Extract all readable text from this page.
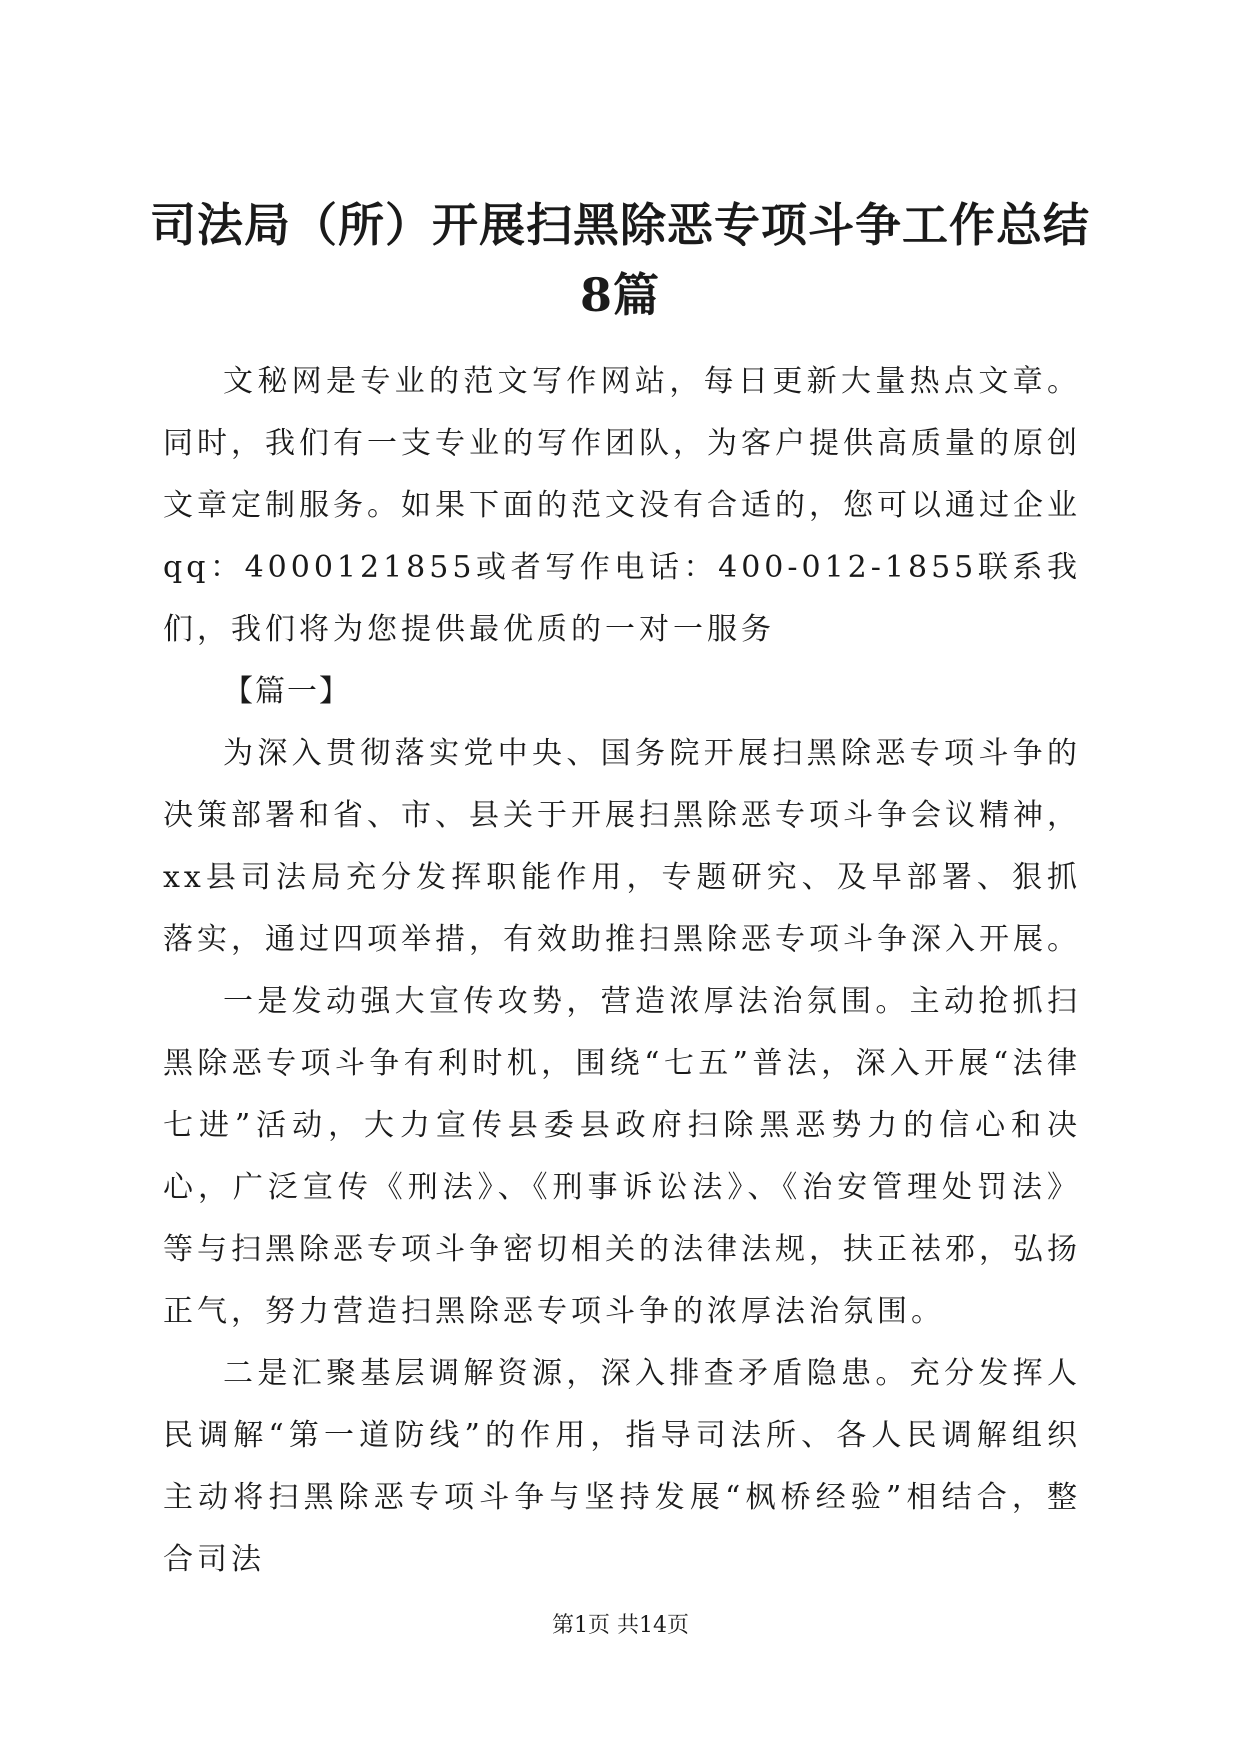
司法局（所）开展扫黑除恶专项斗争工作总结8篇

文秘网是专业的范文写作网站，每日更新大量热点文章。同时，我们有一支专业的写作团队，为客户提供高质量的原创文章定制服务。如果下面的范文没有合适的，您可以通过企业qq：4000121855或者写作电话：400-012-1855联系我们，我们将为您提供最优质的一对一服务

【篇一】

为深入贯彻落实党中央、国务院开展扫黑除恶专项斗争的决策部署和省、市、县关于开展扫黑除恶专项斗争会议精神，xx县司法局充分发挥职能作用，专题研究、及早部署、狠抓落实，通过四项举措，有效助推扫黑除恶专项斗争深入开展。

一是发动强大宣传攻势，营造浓厚法治氛围。主动抢抓扫黑除恶专项斗争有利时机，围绕“七五”普法，深入开展“法律七进”活动，大力宣传县委县政府扫除黑恶势力的信心和决心，广泛宣传《刑法》、《刑事诉讼法》、《治安管理处罚法》等与扫黑除恶专项斗争密切相关的法律法规，扶正祛邪，弘扬正气，努力营造扫黑除恶专项斗争的浓厚法治氛围。

二是汇聚基层调解资源，深入排查矛盾隐患。充分发挥人民调解“第一道防线”的作用，指导司法所、各人民调解组织主动将扫黑除恶专项斗争与坚持发展“枫桥经验”相结合，整合司法

第1页 共14页
